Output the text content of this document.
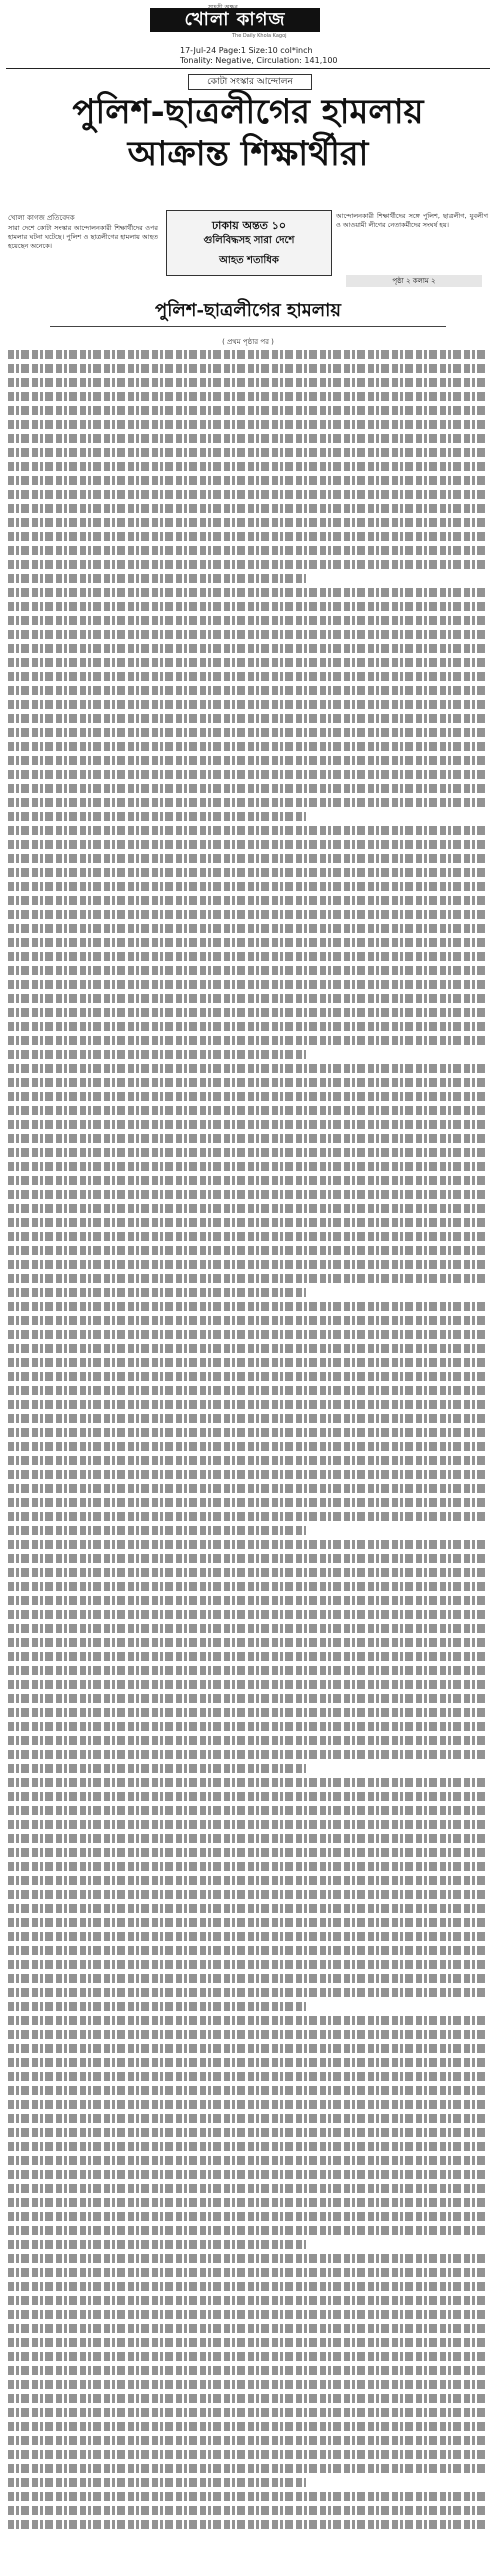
খোলা কাগজ
The Daily Khola Kagoj
17-Jul-24 Page:1 Size:10 col*inch
Tonality: Negative, Circulation: 141,100
কোটা সংস্কার আন্দোলন
পুলিশ-ছাত্রলীগের হামলায়
আক্রান্ত শিক্ষার্থীরা
খোলা কাগজ প্রতিবেদক
সারা দেশে কোটা সংস্কার আন্দোলনকারী শিক্ষার্থীদের ওপর হামলার ঘটনা ঘটেছে। পুলিশ ও ছাত্রলীগের হামলায় আহত হয়েছেন অনেকে।
আন্দোলনকারী শিক্ষার্থীদের সঙ্গে পুলিশ, ছাত্রলীগ, যুবলীগ ও আওয়ামী লীগের নেতাকর্মীদের সংঘর্ষ হয়।
ঢাকায় অন্তত ১০
গুলিবিদ্ধসহ সারা দেশে
আহত শতাধিক
পৃষ্ঠা ২ কলাম ২
পুলিশ-ছাত্রলীগের হামলায়
( প্রথম পৃষ্ঠার পর )
